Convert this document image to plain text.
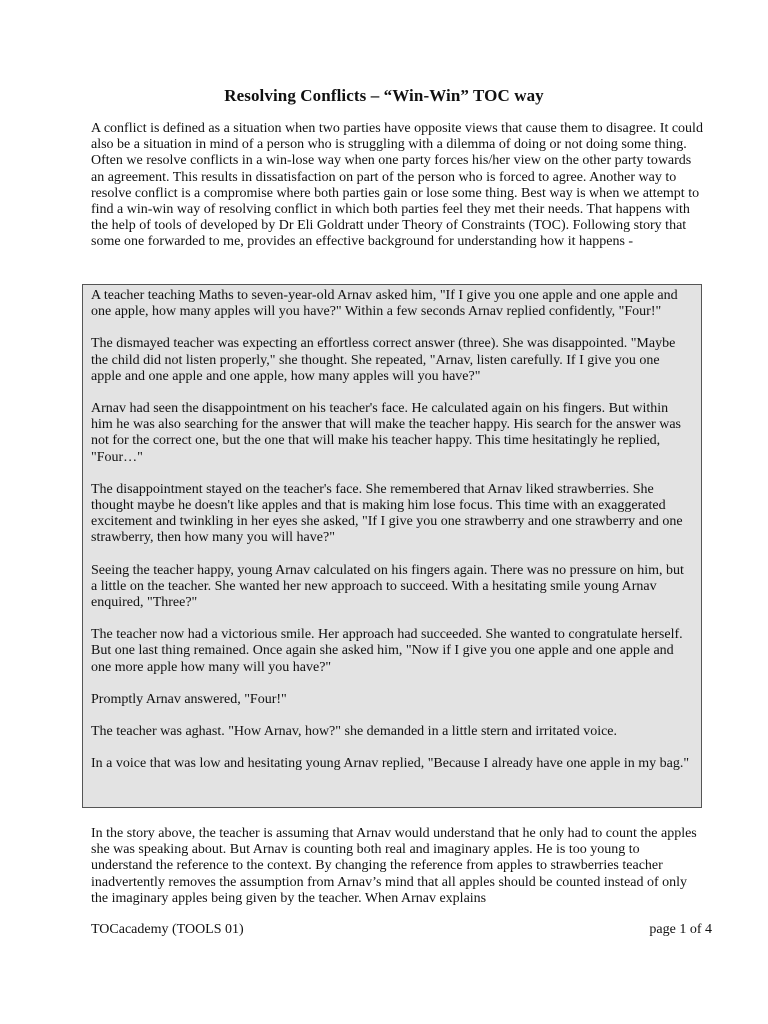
Resolving Conflicts – “Win-Win” TOC way
A conflict is defined as a situation when two parties have opposite views that cause them to disagree. It could also be a situation in mind of a person who is struggling with a dilemma of doing or not doing some thing. Often we resolve conflicts in a win-lose way when one party forces his/her view on the other party towards an agreement. This results in dissatisfaction on part of the person who is forced to agree. Another way to resolve conflict is a compromise where both parties gain or lose some thing. Best way is when we attempt to find a win-win way of resolving conflict in which both parties feel they met their needs. That happens with the help of tools of developed by Dr Eli Goldratt under Theory of Constraints (TOC). Following story that some one forwarded to me, provides an effective background for understanding how it happens -

A teacher teaching Maths to seven-year-old Arnav asked him, "If I give you one apple and one apple and one apple, how many apples will you have?" Within a few seconds Arnav replied confidently, "Four!"

The dismayed teacher was expecting an effortless correct answer (three). She was disappointed. "Maybe the child did not listen properly," she thought. She repeated, "Arnav, listen carefully. If I give you one apple and one apple and one apple, how many apples will you have?"

Arnav had seen the disappointment on his teacher's face. He calculated again on his fingers. But within him he was also searching for the answer that will make the teacher happy. His search for the answer was not for the correct one, but the one that will make his teacher happy. This time hesitatingly he replied, "Four…"

The disappointment stayed on the teacher's face. She remembered that Arnav liked strawberries. She thought maybe he doesn't like apples and that is making him lose focus. This time with an exaggerated excitement and twinkling in her eyes she asked, "If I give you one strawberry and one strawberry and one strawberry, then how many you will have?"

Seeing the teacher happy, young Arnav calculated on his fingers again. There was no pressure on him, but a little on the teacher. She wanted her new approach to succeed. With a hesitating smile young Arnav enquired, "Three?"

The teacher now had a victorious smile. Her approach had succeeded. She wanted to congratulate herself. But one last thing remained. Once again she asked him, "Now if I give you one apple and one apple and one more apple how many will you have?"

Promptly Arnav answered, "Four!"

The teacher was aghast. "How Arnav, how?" she demanded in a little stern and irritated voice.

In a voice that was low and hesitating young Arnav replied, "Because I already have one apple in my bag."

In the story above, the teacher is assuming that Arnav would understand that he only had to count the apples she was speaking about. But Arnav is counting both real and imaginary apples. He is too young to understand the reference to the context. By changing the reference from apples to strawberries teacher inadvertently removes the assumption from Arnav’s mind that all apples should be counted instead of only the imaginary apples being given by the teacher. When Arnav explains
TOCacademy (TOOLS 01)	page 1 of 4
